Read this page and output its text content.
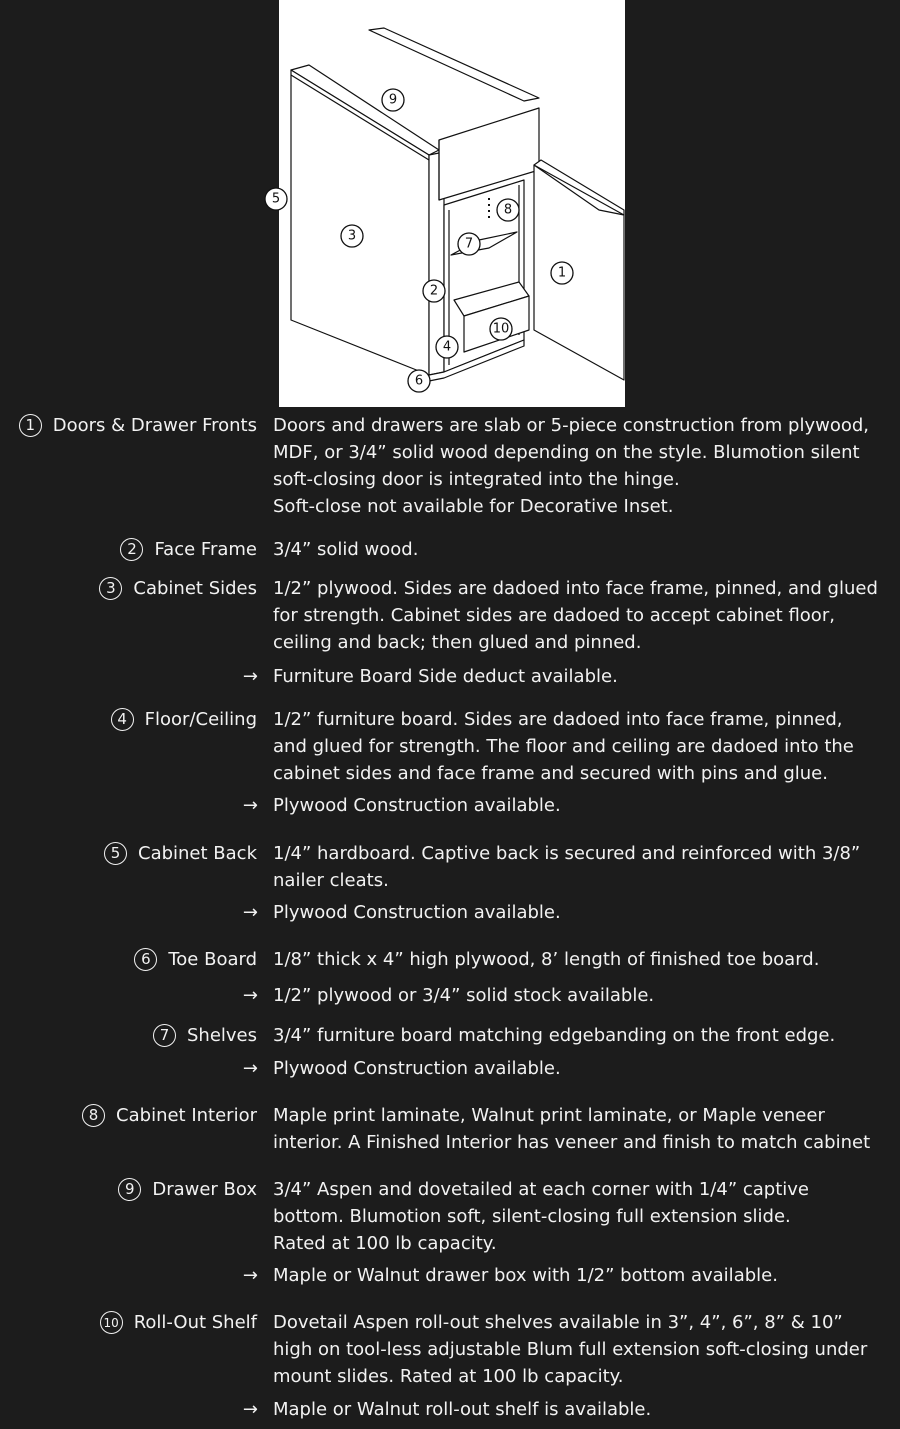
9
5
3
8
7
1
2
10
4
6
1 Doors & Drawer Fronts Doors and drawers are slab or 5-piece construction from plywood,
MDF, or 3/4” solid wood depending on the style. Blumotion silent
soft-closing door is integrated into the hinge.
Soft-close not available for Decorative Inset.
2 Face Frame 3/4” solid wood.
3 Cabinet Sides 1/2” plywood. Sides are dadoed into face frame, pinned, and glued
for strength. Cabinet sides are dadoed to accept cabinet floor,
ceiling and back; then glued and pinned.
→ Furniture Board Side deduct available.
4 Floor/Ceiling 1/2” furniture board. Sides are dadoed into face frame, pinned,
and glued for strength. The floor and ceiling are dadoed into the
cabinet sides and face frame and secured with pins and glue.
→ Plywood Construction available.
5 Cabinet Back 1/4” hardboard. Captive back is secured and reinforced with 3/8”
nailer cleats.
→ Plywood Construction available.
6 Toe Board 1/8” thick x 4” high plywood, 8’ length of finished toe board.
→ 1/2” plywood or 3/4” solid stock available.
7 Shelves 3/4” furniture board matching edgebanding on the front edge.
→ Plywood Construction available.
8 Cabinet Interior Maple print laminate, Walnut print laminate, or Maple veneer
interior. A Finished Interior has veneer and finish to match cabinet
9 Drawer Box 3/4” Aspen and dovetailed at each corner with 1/4” captive
bottom. Blumotion soft, silent-closing full extension slide.
Rated at 100 lb capacity.
→ Maple or Walnut drawer box with 1/2” bottom available.
10 Roll-Out Shelf Dovetail Aspen roll-out shelves available in 3”, 4”, 6”, 8” & 10”
high on tool-less adjustable Blum full extension soft-closing under
mount slides. Rated at 100 lb capacity.
→ Maple or Walnut roll-out shelf is available.
